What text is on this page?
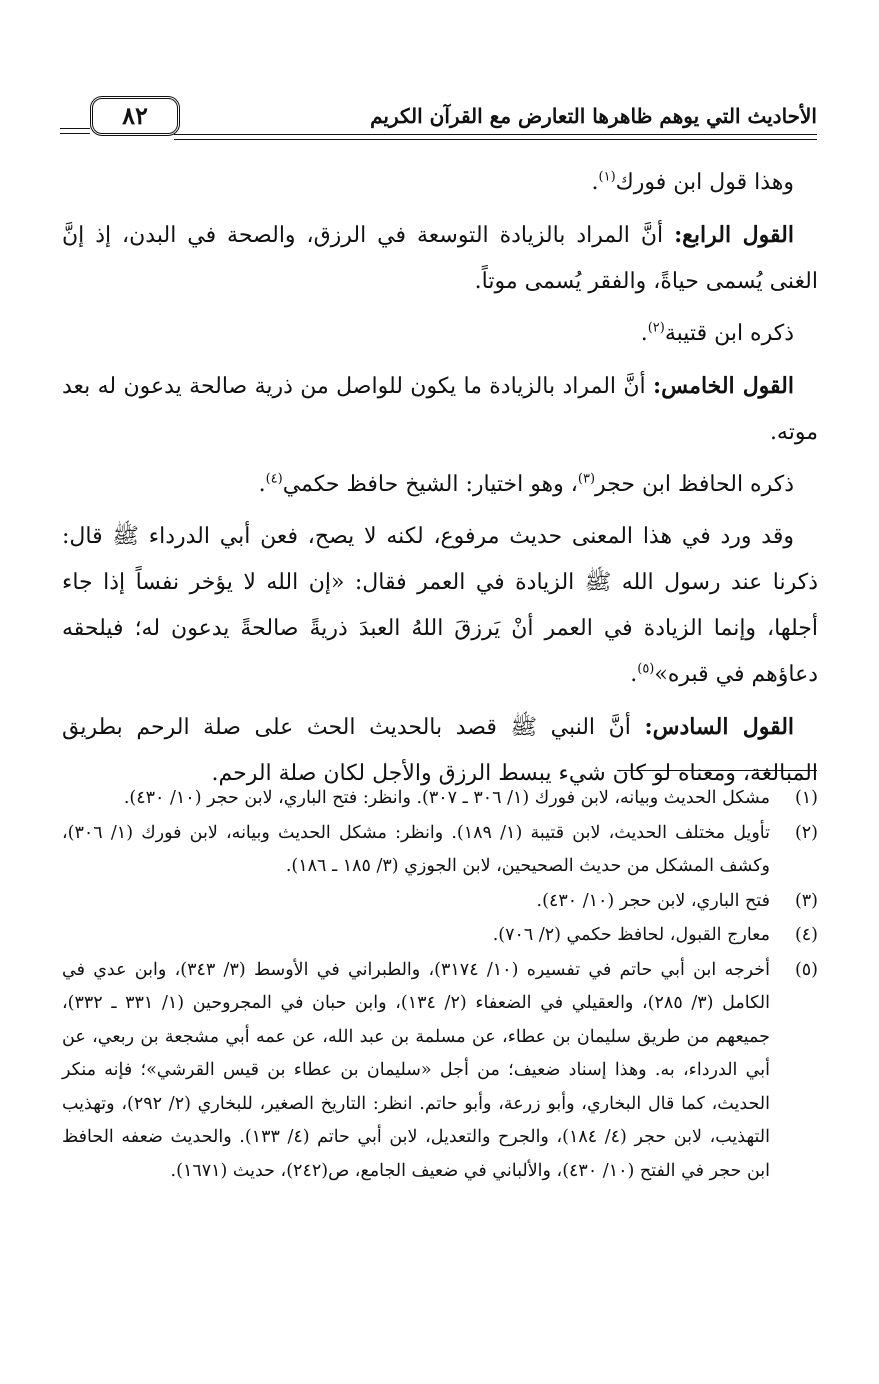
الأحاديث التي يوهم ظاهرها التعارض مع القرآن الكريم
٨٢

وهذا قول ابن فورك$^{(١)}$.

القول الرابع: أنَّ المراد بالزيادة التوسعة في الرزق، والصحة في البدن، إذ إنَّ الغنى يُسمى حياةً، والفقر يُسمى موتاً.

ذكره ابن قتيبة$^{(٢)}$.

القول الخامس: أنَّ المراد بالزيادة ما يكون للواصل من ذرية صالحة يدعون له بعد موته.

ذكره الحافظ ابن حجر$^{(٣)}$، وهو اختيار: الشيخ حافظ حكمي$^{(٤)}$.

وقد ورد في هذا المعنى حديث مرفوع، لكنه لا يصح، فعن أبي الدرداء ﷺ قال: ذكرنا عند رسول الله ﷺ الزيادة في العمر فقال: «إن الله لا يؤخر نفساً إذا جاء أجلها، وإنما الزيادة في العمر أنْ يَرزقَ اللهُ العبدَ ذريةً صالحةً يدعون له؛ فيلحقه دعاؤهم في قبره»$^{(٥)}$.

القول السادس: أنَّ النبي ﷺ قصد بالحديث الحث على صلة الرحم بطريق المبالغة، ومعناه لو كان شيء يبسط الرزق والأجل لكان صلة الرحم.

(١)
مشكل الحديث وبيانه، لابن فورك (١/ ٣٠٦ ـ ٣٠٧). وانظر: فتح الباري، لابن حجر (١٠/ ٤٣٠).
(٢)
تأويل مختلف الحديث، لابن قتيبة (١/ ١٨٩). وانظر: مشكل الحديث وبيانه، لابن فورك (١/ ٣٠٦)، وكشف المشكل من حديث الصحيحين، لابن الجوزي (٣/ ١٨٥ ـ ١٨٦).
(٣)
فتح الباري، لابن حجر (١٠/ ٤٣٠).
(٤)
معارج القبول، لحافظ حكمي (٢/ ٧٠٦).
(٥)
أخرجه ابن أبي حاتم في تفسيره (١٠/ ٣١٧٤)، والطبراني في الأوسط (٣/ ٣٤٣)، وابن عدي في الكامل (٣/ ٢٨٥)، والعقيلي في الضعفاء (٢/ ١٣٤)، وابن حبان في المجروحين (١/ ٣٣١ ـ ٣٣٢)، جميعهم من طريق سليمان بن عطاء، عن مسلمة بن عبد الله، عن عمه أبي مشجعة بن ربعي، عن أبي الدرداء، به. وهذا إسناد ضعيف؛ من أجل «سليمان بن عطاء بن قيس القرشي»؛ فإنه منكر الحديث، كما قال البخاري، وأبو زرعة، وأبو حاتم. انظر: التاريخ الصغير، للبخاري (٢/ ٢٩٢)، وتهذيب التهذيب، لابن حجر (٤/ ١٨٤)، والجرح والتعديل، لابن أبي حاتم (٤/ ١٣٣). والحديث ضعفه الحافظ ابن حجر في الفتح (١٠/ ٤٣٠)، والألباني في ضعيف الجامع، ص(٢٤٢)، حديث (١٦٧١).
